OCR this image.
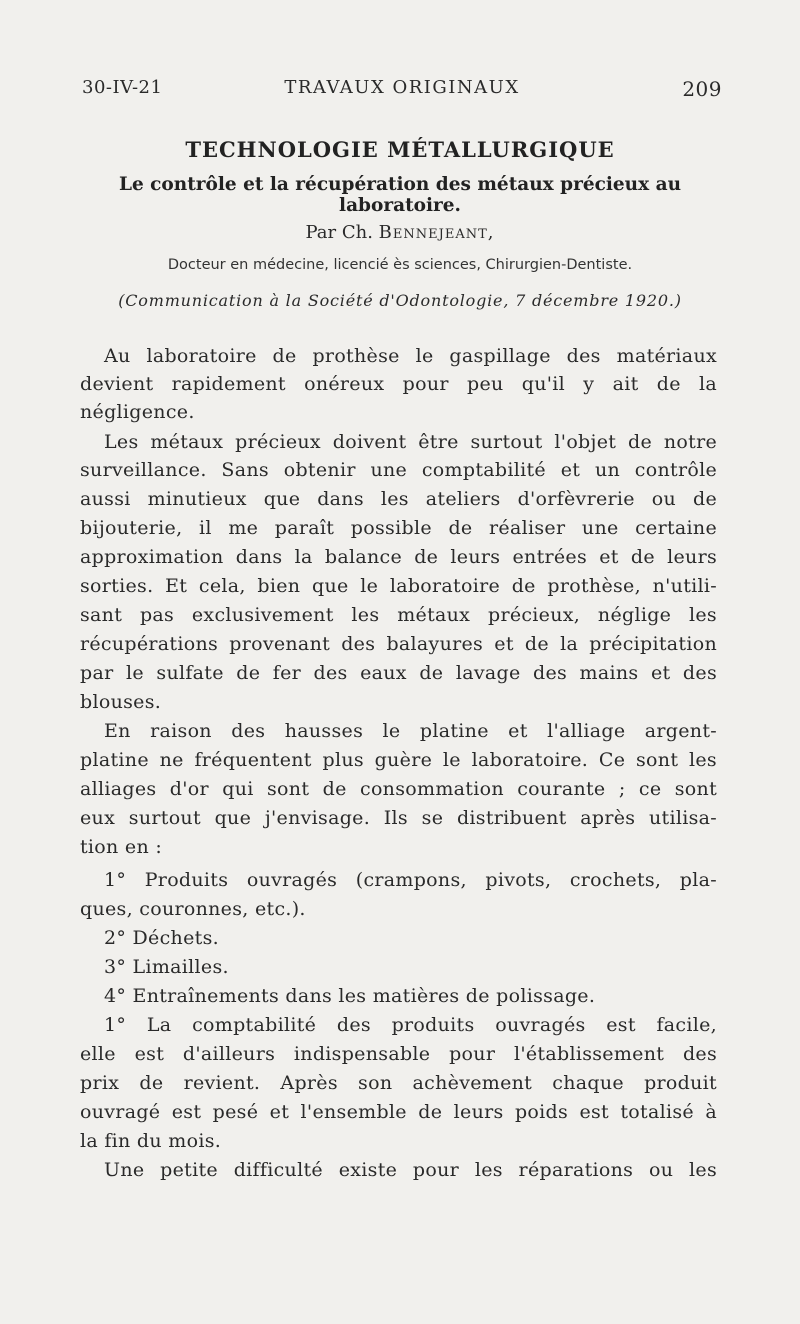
30-IV-21	TRAVAUX ORIGINAUX	209
TECHNOLOGIE MÉTALLURGIQUE
Le contrôle et la récupération des métaux précieux au laboratoire.
Par Ch. Bennejeant,
Docteur en médecine, licencié ès sciences, Chirurgien-Dentiste.
(Communication à la Société d'Odontologie, 7 décembre 1920.)
Au laboratoire de prothèse le gaspillage des matériaux
devient rapidement onéreux pour peu qu'il y ait de la
négligence.
Les métaux précieux doivent être surtout l'objet de notre
surveillance. Sans obtenir une comptabilité et un contrôle
aussi minutieux que dans les ateliers d'orfèvrerie ou de
bijouterie, il me paraît possible de réaliser une certaine
approximation dans la balance de leurs entrées et de leurs
sorties. Et cela, bien que le laboratoire de prothèse, n'utili-
sant pas exclusivement les métaux précieux, néglige les
récupérations provenant des balayures et de la précipitation
par le sulfate de fer des eaux de lavage des mains et des
blouses.
En raison des hausses le platine et l'alliage argent-
platine ne fréquentent plus guère le laboratoire. Ce sont les
alliages d'or qui sont de consommation courante ; ce sont
eux surtout que j'envisage. Ils se distribuent après utilisa-
tion en :
1° Produits ouvragés (crampons, pivots, crochets, pla-
ques, couronnes, etc.).
2° Déchets.
3° Limailles.
4° Entraînements dans les matières de polissage.
1° La comptabilité des produits ouvragés est facile,
elle est d'ailleurs indispensable pour l'établissement des
prix de revient. Après son achèvement chaque produit
ouvragé est pesé et l'ensemble de leurs poids est totalisé à
la fin du mois.
Une petite difficulté existe pour les réparations ou les
